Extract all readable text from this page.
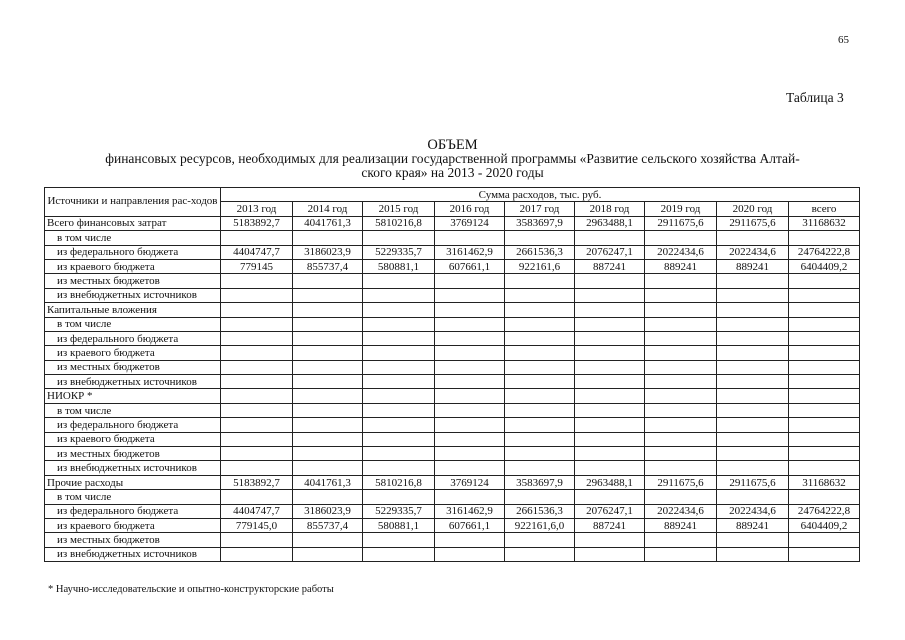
65
Таблица 3
ОБЪЕМ
финансовых ресурсов, необходимых для реализации государственной программы «Развитие сельского хозяйства Алтай-
ского края» на 2013 - 2020 годы
Источники и направления рас-ходов	Сумма расходов, тыс. руб.								
	2013 год	2014 год	2015 год	2016 год	2017 год	2018 год	2019 год	2020 год	всего
Всего финансовых затрат	5183892,7	4041761,3	5810216,8	3769124	3583697,9	2963488,1	2911675,6	2911675,6	31168632
в том числе									
из федерального бюджета	4404747,7	3186023,9	5229335,7	3161462,9	2661536,3	2076247,1	2022434,6	2022434,6	24764222,8
из краевого бюджета	779145	855737,4	580881,1	607661,1	922161,6	887241	889241	889241	6404409,2
из местных бюджетов									
из внебюджетных источников									
Капитальные вложения									
в том числе									
из федерального бюджета									
из краевого бюджета									
из местных бюджетов									
из внебюджетных источников									
НИОКР *									
в том числе									
из федерального бюджета									
из краевого бюджета									
из местных бюджетов									
из внебюджетных источников									
Прочие расходы	5183892,7	4041761,3	5810216,8	3769124	3583697,9	2963488,1	2911675,6	2911675,6	31168632
в том числе									
из федерального бюджета	4404747,7	3186023,9	5229335,7	3161462,9	2661536,3	2076247,1	2022434,6	2022434,6	24764222,8
из краевого бюджета	779145,0	855737,4	580881,1	607661,1	922161,6,0	887241	889241	889241	6404409,2
из местных бюджетов									
из внебюджетных источников									
* Научно-исследовательские и опытно-конструкторские работы
